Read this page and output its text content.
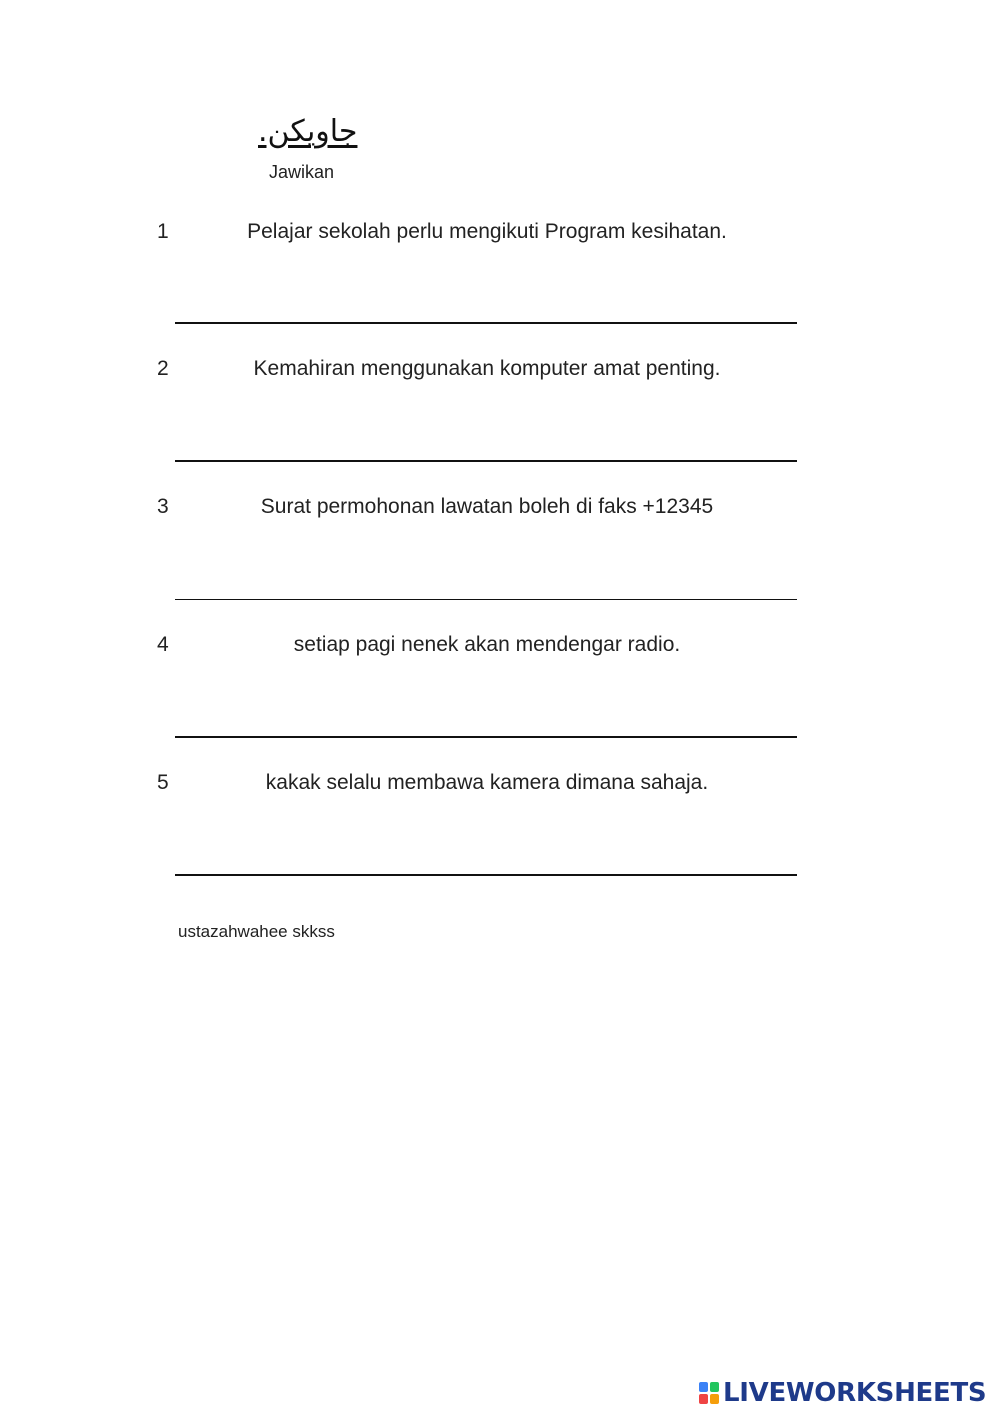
جاويكن.
Jawikan
1	Pelajar sekolah perlu mengikuti Program kesihatan.
2	Kemahiran menggunakan komputer amat penting.
3	Surat permohonan lawatan boleh di faks +12345
4	setiap pagi nenek akan mendengar radio.
5	kakak selalu membawa kamera dimana sahaja.
ustazahwahee skkss
LIVEWORKSHEETS
